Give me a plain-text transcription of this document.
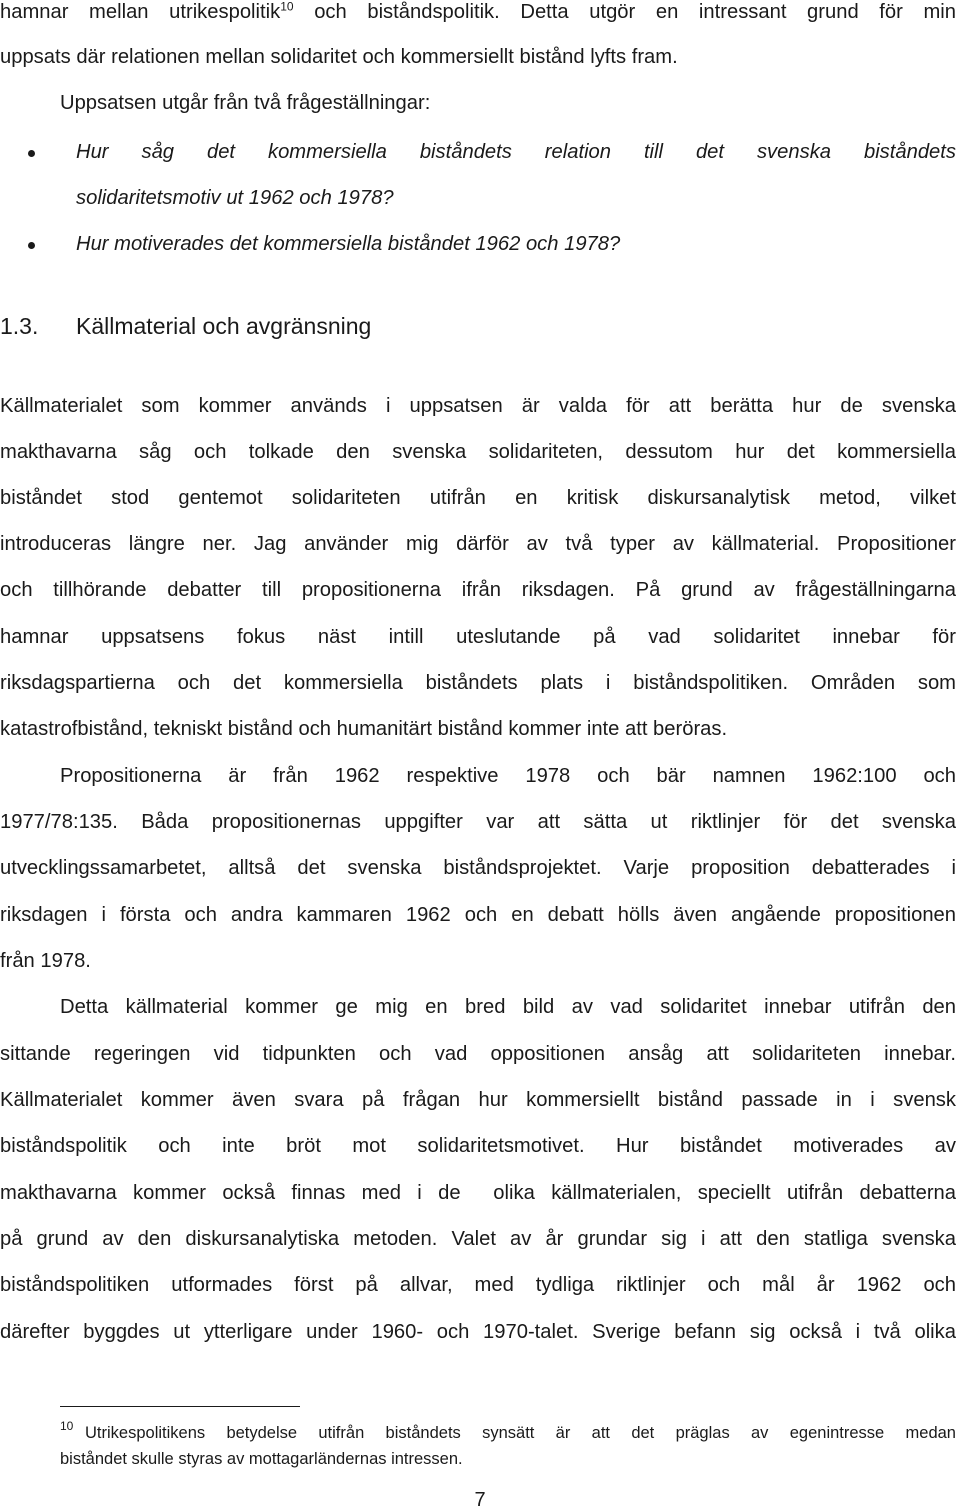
hamnar mellan utrikespolitik$^{10}$ och biståndspolitik. Detta utgör en intressant grund för min
uppsats där relationen mellan solidaritet och kommersiellt bistånd lyfts fram.
Uppsatsen utgår från två frågeställningar:
Hur såg det kommersiella biståndets relation till det svenska biståndets
solidaritetsmotiv ut 1962 och 1978?
Hur motiverades det kommersiella biståndet 1962 och 1978?
1.3. Källmaterial och avgränsning
Källmaterialet som kommer används i uppsatsen är valda för att berätta hur de svenska
makthavarna såg och tolkade den svenska solidariteten, dessutom hur det kommersiella
biståndet stod gentemot solidariteten utifrån en kritisk diskursanalytisk metod, vilket
introduceras längre ner. Jag använder mig därför av två typer av källmaterial. Propositioner
och tillhörande debatter till propositionerna ifrån riksdagen. På grund av frågeställningarna
hamnar uppsatsens fokus näst intill uteslutande på vad solidaritet innebar för
riksdagspartierna och det kommersiella biståndets plats i biståndspolitiken. Områden som
katastrofbistånd, tekniskt bistånd och humanitärt bistånd kommer inte att beröras.
Propositionerna är från 1962 respektive 1978 och bär namnen 1962:100 och
1977/78:135. Båda propositionernas uppgifter var att sätta ut riktlinjer för det svenska
utvecklingssamarbetet, alltså det svenska biståndsprojektet. Varje proposition debatterades i
riksdagen i första och andra kammaren 1962 och en debatt hölls även angående propositionen
från 1978.
Detta källmaterial kommer ge mig en bred bild av vad solidaritet innebar utifrån den
sittande regeringen vid tidpunkten och vad oppositionen ansåg att solidariteten innebar.
Källmaterialet kommer även svara på frågan hur kommersiellt bistånd passade in i svensk
biståndspolitik och inte bröt mot solidaritetsmotivet. Hur biståndet motiverades av
makthavarna kommer också finnas med i de  olika källmaterialen, speciellt utifrån debatterna
på grund av den diskursanalytiska metoden. Valet av år grundar sig i att den statliga svenska
biståndspolitiken utformades först på allvar, med tydliga riktlinjer och mål år 1962 och
därefter byggdes ut ytterligare under 1960- och 1970-talet. Sverige befann sig också i två olika
10 Utrikespolitikens betydelse utifrån biståndets synsätt är att det präglas av egenintresse medan
biståndet skulle styras av mottagarländernas intressen.
7
